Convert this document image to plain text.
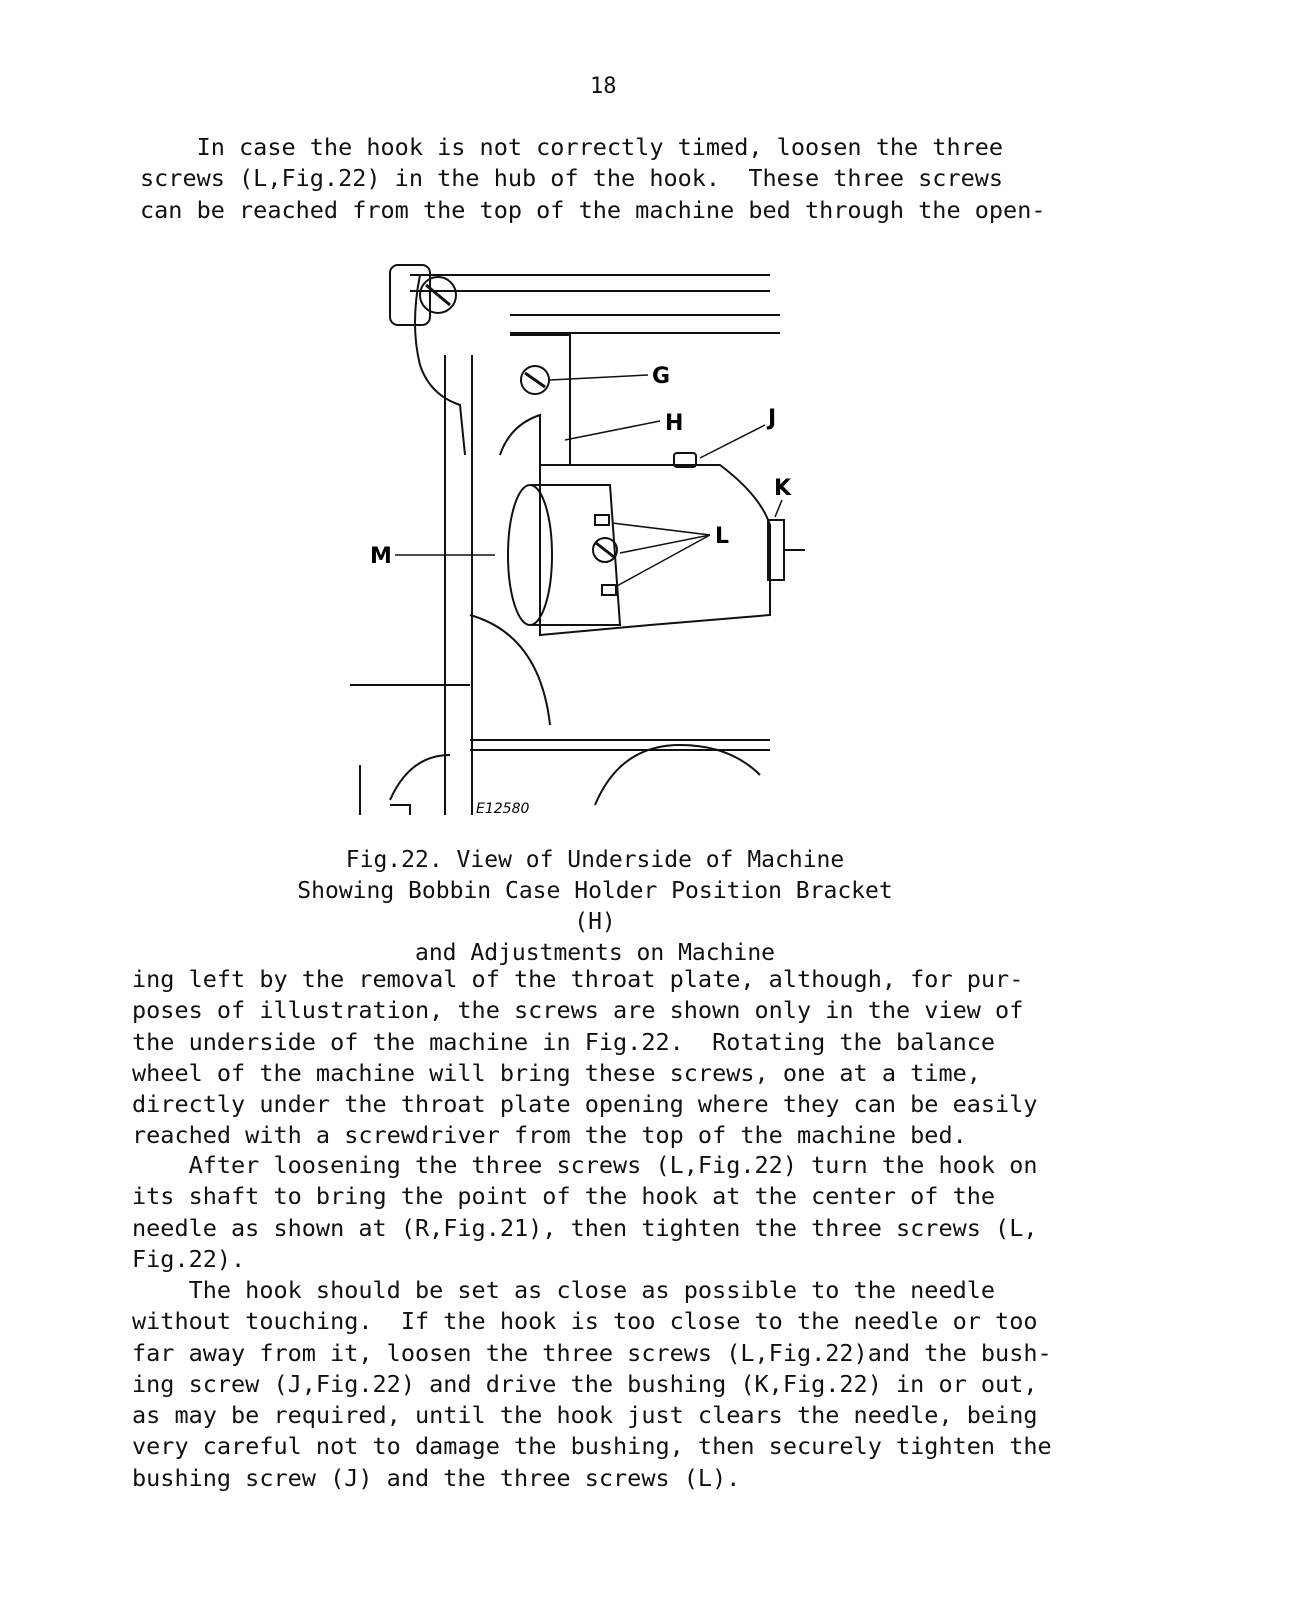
18

In case the hook is not correctly timed, loosen the three
screws (L,Fig.22) in the hub of the hook.  These three screws
can be reached from the top of the machine bed through the open-

G
H	J
K
L
M
E12580
Fig.22. View of Underside of Machine
Showing Bobbin Case Holder Position Bracket (H)
and Adjustments on Machine

ing left by the removal of the throat plate, although, for pur-
poses of illustration, the screws are shown only in the view of
the underside of the machine in Fig.22.  Rotating the balance
wheel of the machine will bring these screws, one at a time,
directly under the throat plate opening where they can be easily
reached with a screwdriver from the top of the machine bed.

After loosening the three screws (L,Fig.22) turn the hook on
its shaft to bring the point of the hook at the center of the
needle as shown at (R,Fig.21), then tighten the three screws (L,
Fig.22).

The hook should be set as close as possible to the needle
without touching.  If the hook is too close to the needle or too
far away from it, loosen the three screws (L,Fig.22)and the bush-
ing screw (J,Fig.22) and drive the bushing (K,Fig.22) in or out,
as may be required, until the hook just clears the needle, being
very careful not to damage the bushing, then securely tighten the
bushing screw (J) and the three screws (L).
